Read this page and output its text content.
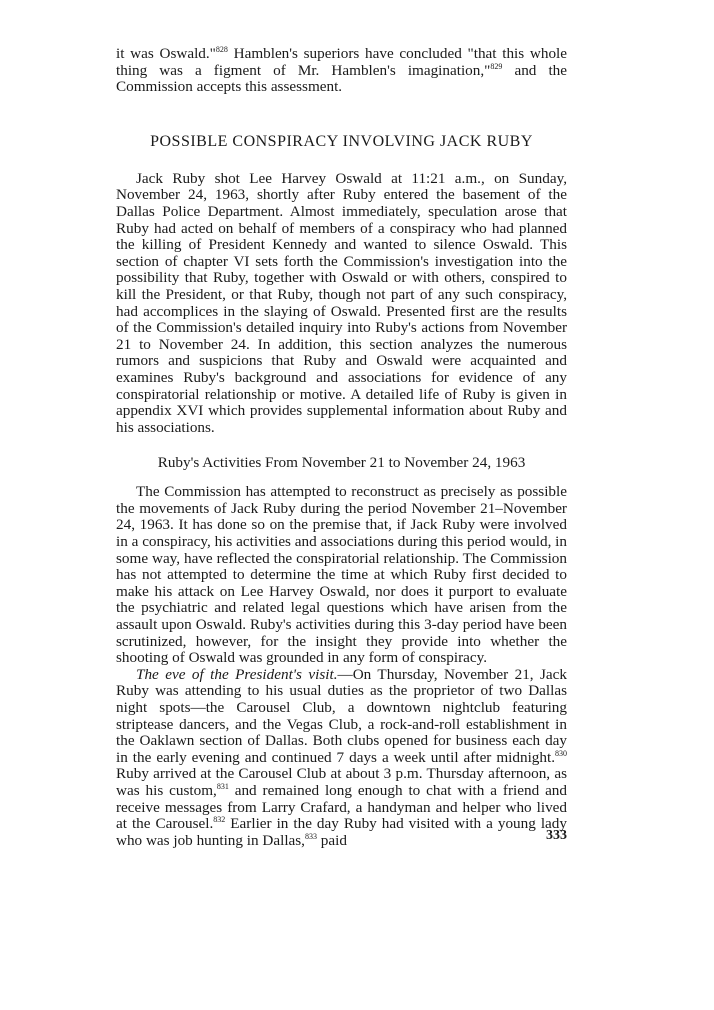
it was Oswald."$^{828}$ Hamblen's superiors have concluded "that this whole thing was a figment of Mr. Hamblen's imagination,"$^{829}$ and the Commission accepts this assessment.

POSSIBLE CONSPIRACY INVOLVING JACK RUBY

Jack Ruby shot Lee Harvey Oswald at 11:21 a.m., on Sunday, November 24, 1963, shortly after Ruby entered the basement of the Dallas Police Department. Almost immediately, speculation arose that Ruby had acted on behalf of members of a conspiracy who had planned the killing of President Kennedy and wanted to silence Oswald. This section of chapter VI sets forth the Commission's investigation into the possibility that Ruby, together with Oswald or with others, conspired to kill the President, or that Ruby, though not part of any such conspiracy, had accomplices in the slaying of Oswald. Presented first are the results of the Commission's detailed inquiry into Ruby's actions from November 21 to November 24. In addition, this section analyzes the numerous rumors and suspicions that Ruby and Oswald were acquainted and examines Ruby's background and associations for evidence of any conspiratorial relationship or motive. A detailed life of Ruby is given in appendix XVI which provides supplemental information about Ruby and his associations.

Ruby's Activities From November 21 to November 24, 1963

The Commission has attempted to reconstruct as precisely as possible the movements of Jack Ruby during the period November 21–November 24, 1963. It has done so on the premise that, if Jack Ruby were involved in a conspiracy, his activities and associations during this period would, in some way, have reflected the conspiratorial relationship. The Commission has not attempted to determine the time at which Ruby first decided to make his attack on Lee Harvey Oswald, nor does it purport to evaluate the psychiatric and related legal questions which have arisen from the assault upon Oswald. Ruby's activities during this 3-day period have been scrutinized, however, for the insight they provide into whether the shooting of Oswald was grounded in any form of conspiracy.

The eve of the President's visit.—On Thursday, November 21, Jack Ruby was attending to his usual duties as the proprietor of two Dallas night spots—the Carousel Club, a downtown nightclub featuring striptease dancers, and the Vegas Club, a rock-and-roll establishment in the Oaklawn section of Dallas. Both clubs opened for business each day in the early evening and continued 7 days a week until after midnight.$^{830}$ Ruby arrived at the Carousel Club at about 3 p.m. Thursday afternoon, as was his custom,$^{831}$ and remained long enough to chat with a friend and receive messages from Larry Crafard, a handyman and helper who lived at the Carousel.$^{832}$ Earlier in the day Ruby had visited with a young lady who was job hunting in Dallas,$^{833}$ paid	333
